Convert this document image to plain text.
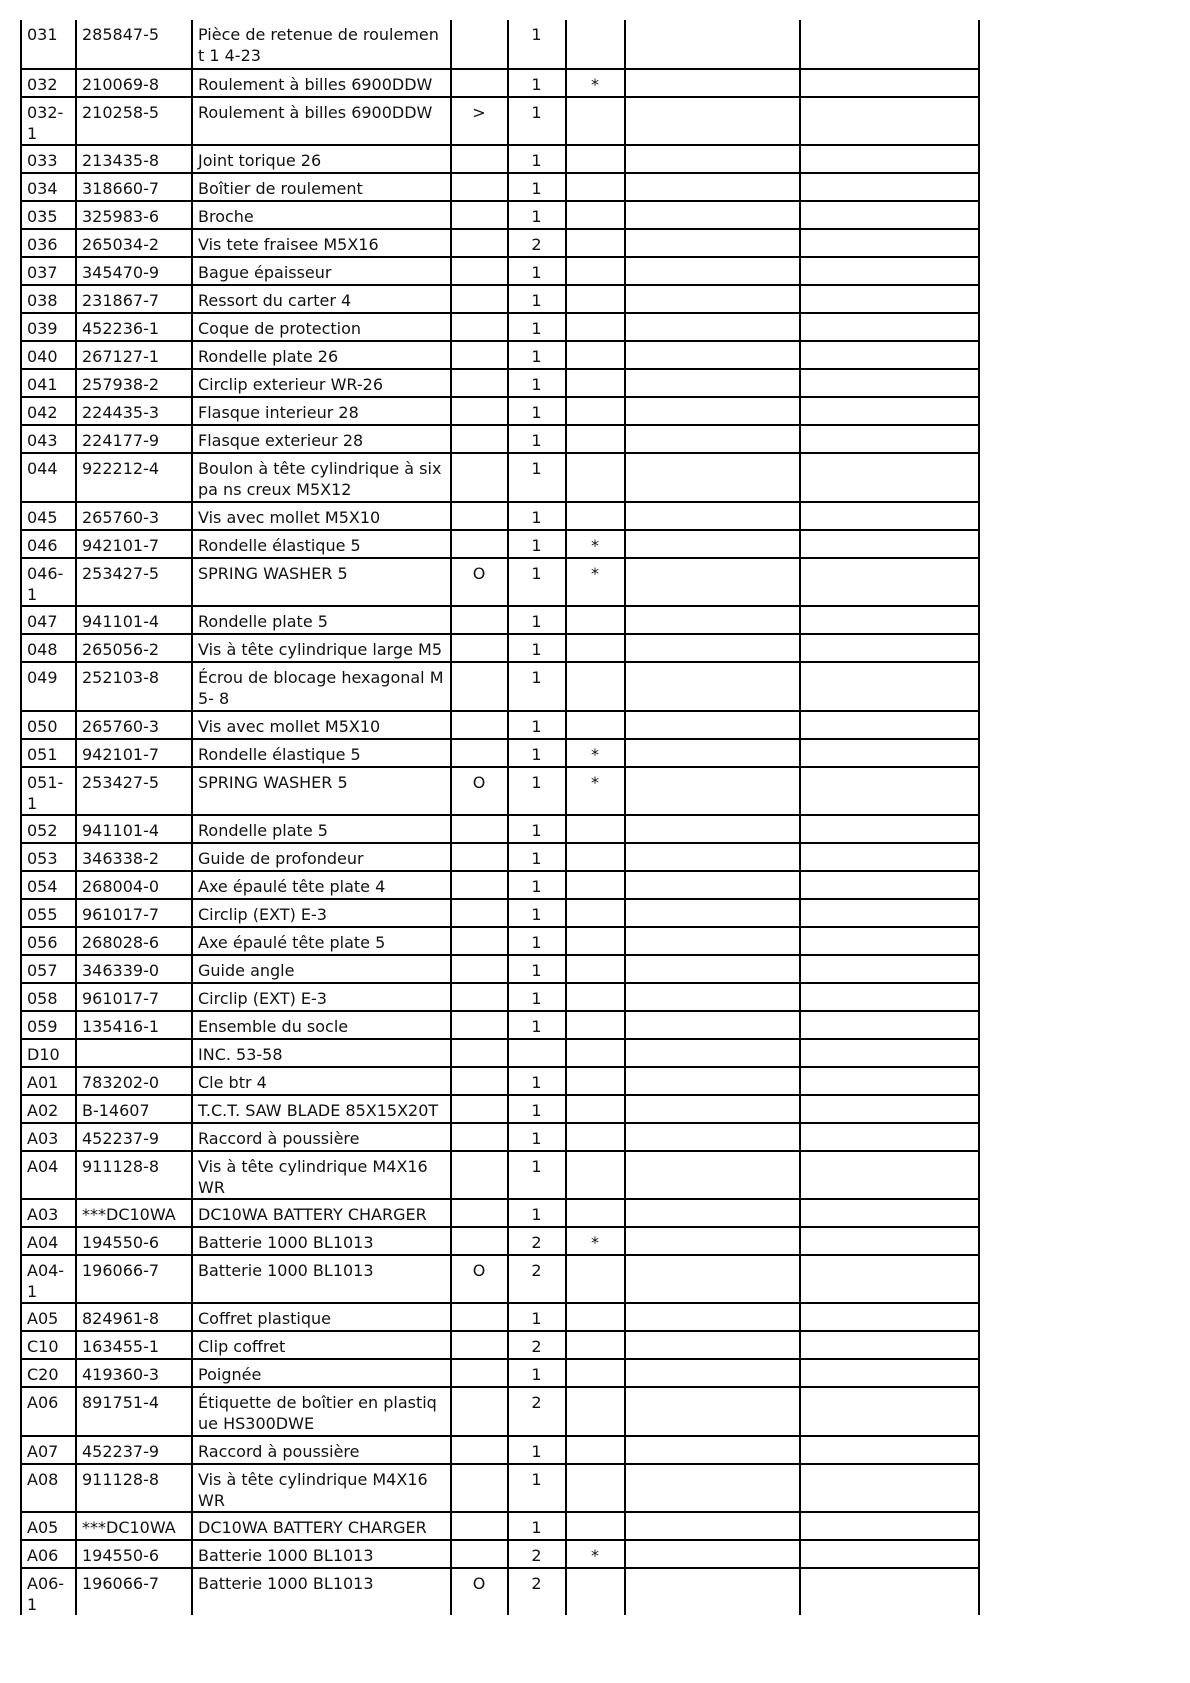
031	285847-5	Pièce de retenue de roulement 1 4-23		1			
032	210069-8	Roulement à billes 6900DDW		1	*		
032-1	210258-5	Roulement à billes 6900DDW	>	1			
033	213435-8	Joint torique 26		1			
034	318660-7	Boîtier de roulement		1			
035	325983-6	Broche		1			
036	265034-2	Vis tete fraisee M5X16		2			
037	345470-9	Bague épaisseur		1			
038	231867-7	Ressort du carter 4		1			
039	452236-1	Coque de protection		1			
040	267127-1	Rondelle plate 26		1			
041	257938-2	Circlip exterieur WR-26		1			
042	224435-3	Flasque interieur 28		1			
043	224177-9	Flasque exterieur 28		1			
044	922212-4	Boulon à tête cylindrique à six pa ns creux M5X12		1			
045	265760-3	Vis avec mollet M5X10		1			
046	942101-7	Rondelle élastique 5		1	*		
046-1	253427-5	SPRING WASHER 5	O	1	*		
047	941101-4	Rondelle plate 5		1			
048	265056-2	Vis à tête cylindrique large M5		1			
049	252103-8	Écrou de blocage hexagonal M5- 8		1			
050	265760-3	Vis avec mollet M5X10		1			
051	942101-7	Rondelle élastique 5		1	*		
051-1	253427-5	SPRING WASHER 5	O	1	*		
052	941101-4	Rondelle plate 5		1			
053	346338-2	Guide de profondeur		1			
054	268004-0	Axe épaulé tête plate 4		1			
055	961017-7	Circlip (EXT) E-3		1			
056	268028-6	Axe épaulé tête plate 5		1			
057	346339-0	Guide angle		1			
058	961017-7	Circlip (EXT) E-3		1			
059	135416-1	Ensemble du socle		1			
D10		INC. 53-58					
A01	783202-0	Cle btr 4		1			
A02	B-14607	T.C.T. SAW BLADE 85X15X20T		1			
A03	452237-9	Raccord à poussière		1			
A04	911128-8	Vis à tête cylindrique M4X16 WR		1			
A03	***DC10WA	DC10WA BATTERY CHARGER		1			
A04	194550-6	Batterie 1000 BL1013		2	*		
A04-1	196066-7	Batterie 1000 BL1013	O	2			
A05	824961-8	Coffret plastique		1			
C10	163455-1	Clip coffret		2			
C20	419360-3	Poignée		1			
A06	891751-4	Étiquette de boîtier en plastique HS300DWE		2			
A07	452237-9	Raccord à poussière		1			
A08	911128-8	Vis à tête cylindrique M4X16 WR		1			
A05	***DC10WA	DC10WA BATTERY CHARGER		1			
A06	194550-6	Batterie 1000 BL1013		2	*		
A06-1	196066-7	Batterie 1000 BL1013	O	2			
